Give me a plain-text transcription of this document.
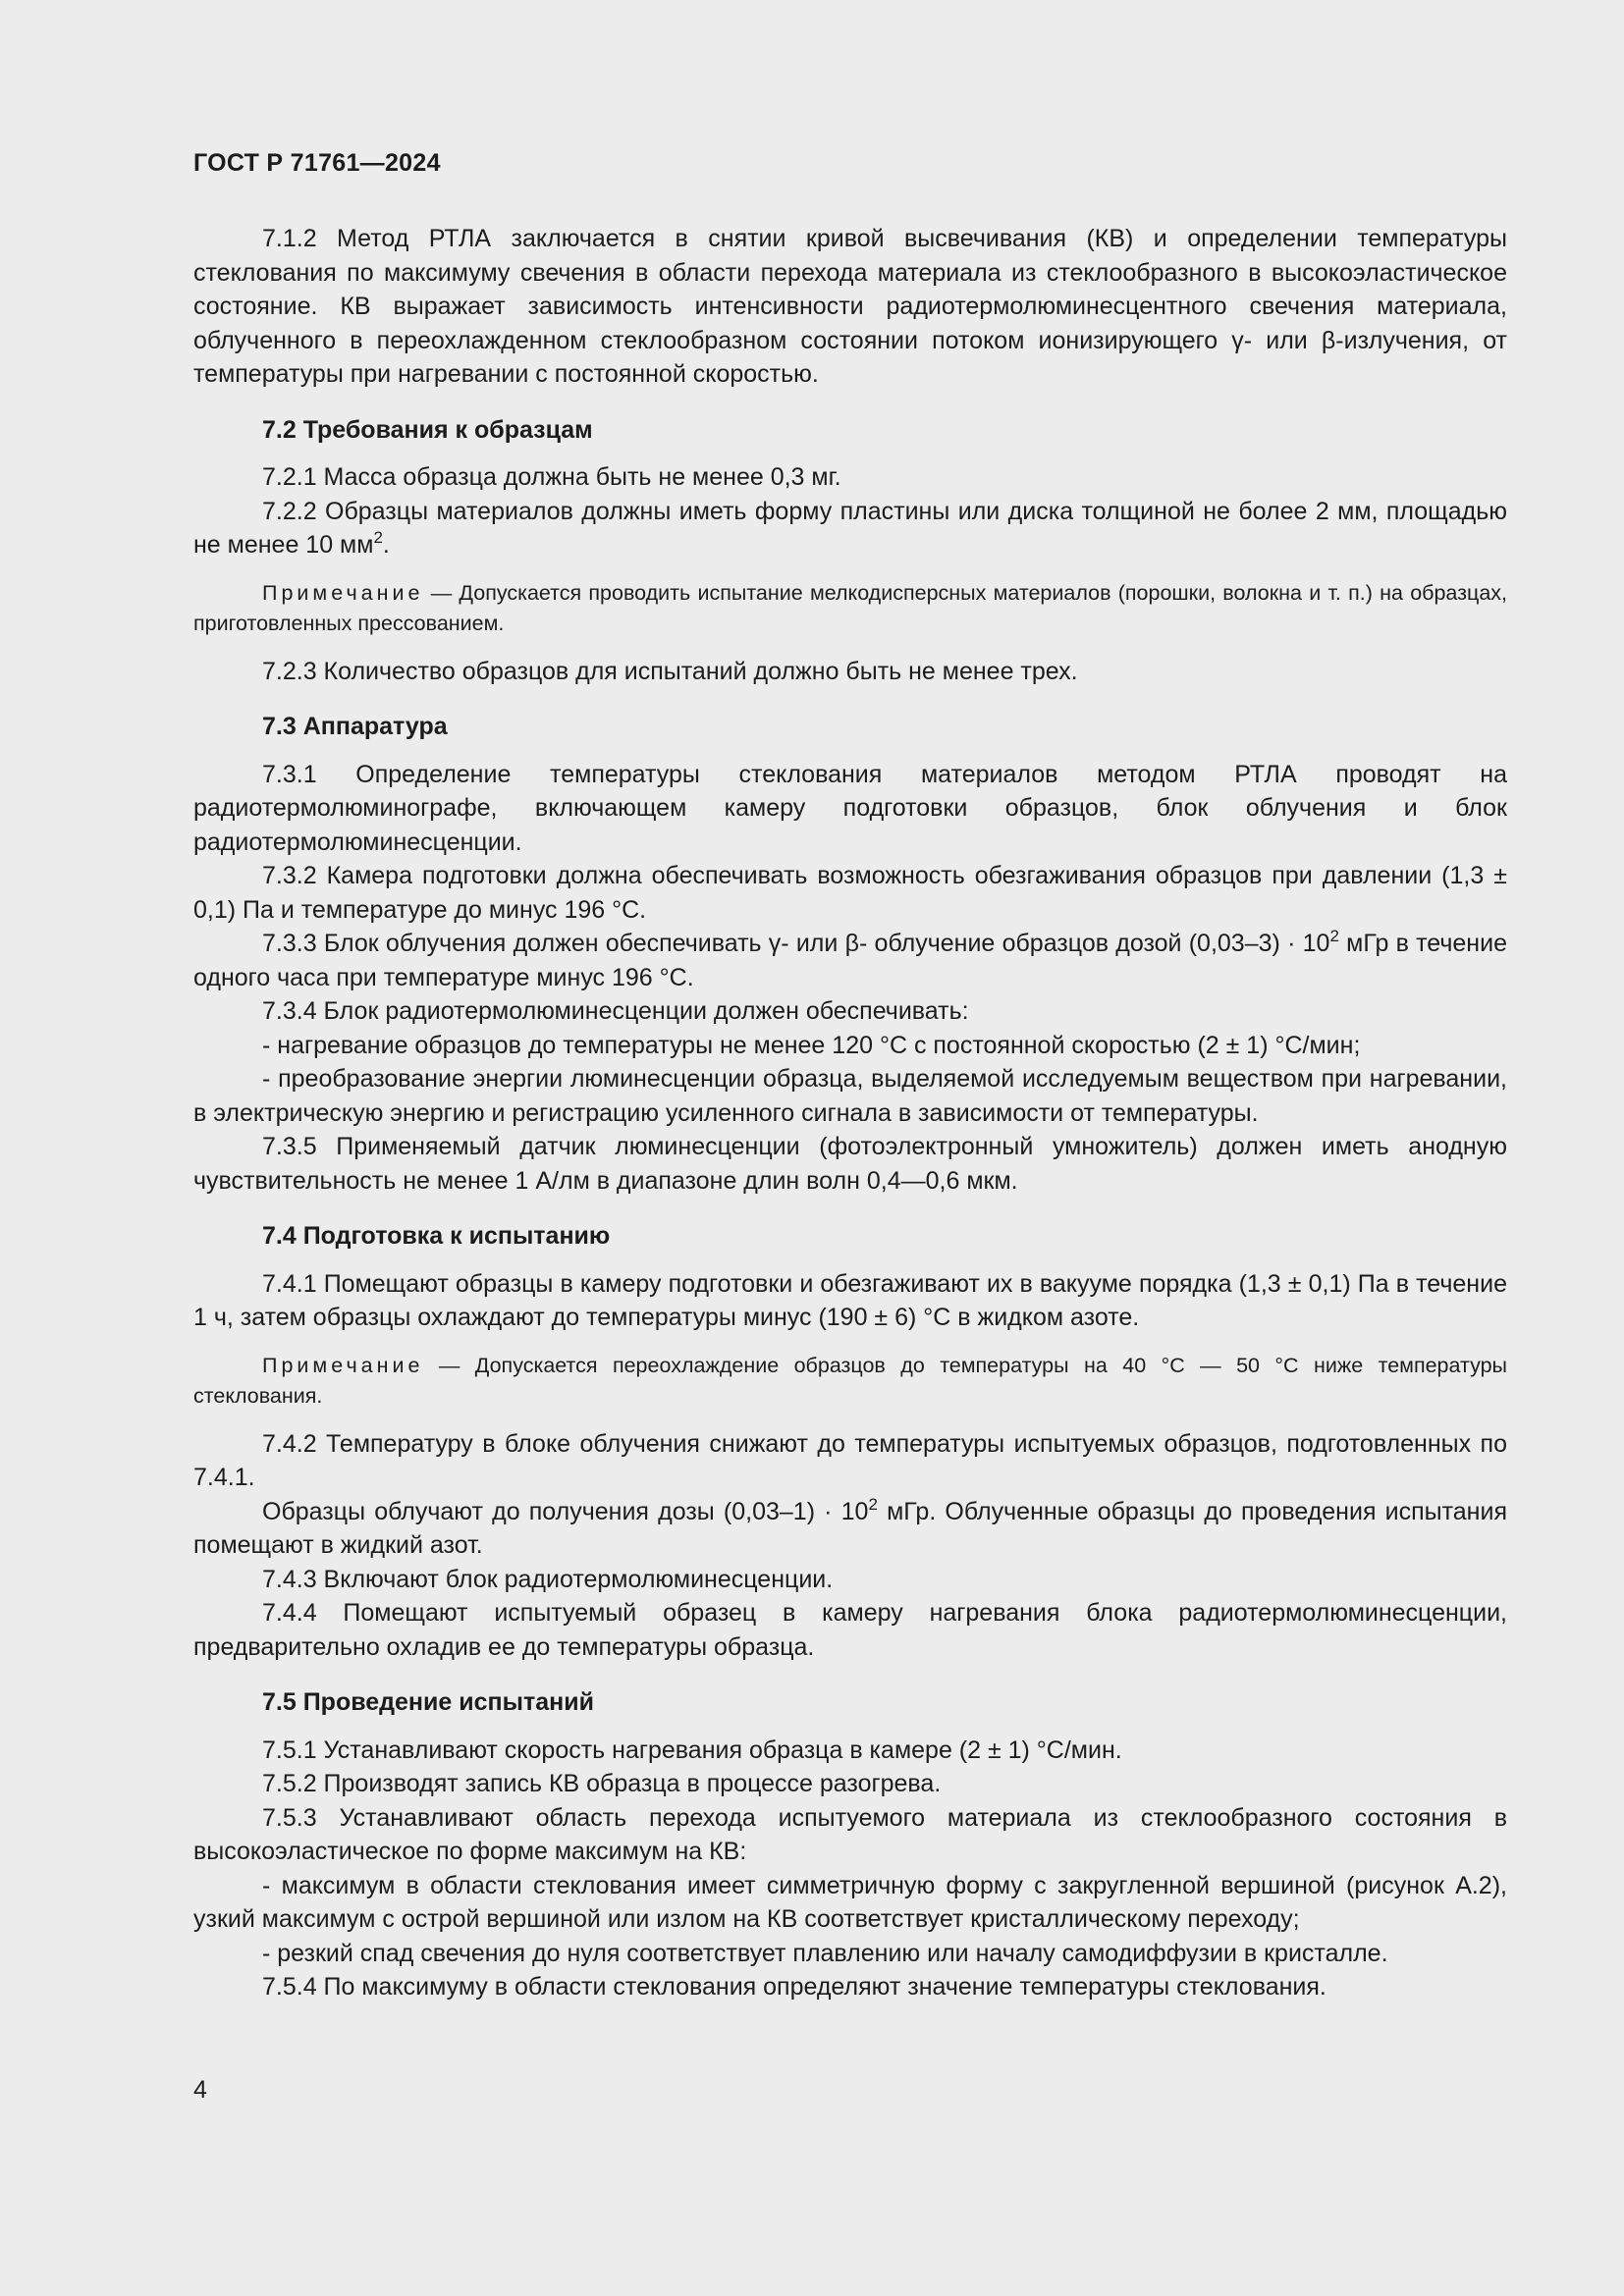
ГОСТ Р 71761—2024

7.1.2 Метод РТЛА заключается в снятии кривой высвечивания (КВ) и определении температуры стеклования по максимуму свечения в области перехода материала из стеклообразного в высокоэластическое состояние. КВ выражает зависимость интенсивности радиотермолюминесцентного свечения материала, облученного в переохлажденном стеклообразном состоянии потоком ионизирующего γ- или β-излучения, от температуры при нагревании с постоянной скоростью.

7.2 Требования к образцам

7.2.1 Масса образца должна быть не менее 0,3 мг.

7.2.2 Образцы материалов должны иметь форму пластины или диска толщиной не более 2 мм, площадью не менее 10 $мм^2$.

Примечание — Допускается проводить испытание мелкодисперсных материалов (порошки, волокна и т. п.) на образцах, приготовленных прессованием.

7.2.3 Количество образцов для испытаний должно быть не менее трех.

7.3 Аппаратура

7.3.1 Определение температуры стеклования материалов методом РТЛА проводят на радиотермолюминографе, включающем камеру подготовки образцов, блок облучения и блок радиотермолюминесценции.

7.3.2 Камера подготовки должна обеспечивать возможность обезгаживания образцов при давлении (1,3 ± 0,1) Па и температуре до минус 196 °С.

7.3.3 Блок облучения должен обеспечивать γ- или β- облучение образцов дозой $(0,03-3) \cdot 10^2$ мГр в течение одного часа при температуре минус 196 °С.

7.3.4 Блок радиотермолюминесценции должен обеспечивать:

- нагревание образцов до температуры не менее 120 °С с постоянной скоростью (2 ± 1) °С/мин;

- преобразование энергии люминесценции образца, выделяемой исследуемым веществом при нагревании, в электрическую энергию и регистрацию усиленного сигнала в зависимости от температуры.

7.3.5 Применяемый датчик люминесценции (фотоэлектронный умножитель) должен иметь анодную чувствительность не менее 1 А/лм в диапазоне длин волн 0,4—0,6 мкм.

7.4 Подготовка к испытанию

7.4.1 Помещают образцы в камеру подготовки и обезгаживают их в вакууме порядка (1,3 ± 0,1) Па в течение 1 ч, затем образцы охлаждают до температуры минус (190 ± 6) °С в жидком азоте.

Примечание — Допускается переохлаждение образцов до температуры на 40 °С — 50 °С ниже температуры стеклования.

7.4.2 Температуру в блоке облучения снижают до температуры испытуемых образцов, подготовленных по 7.4.1.

Образцы облучают до получения дозы $(0,03-1) \cdot 10^2$ мГр. Облученные образцы до проведения испытания помещают в жидкий азот.

7.4.3 Включают блок радиотермолюминесценции.

7.4.4 Помещают испытуемый образец в камеру нагревания блока радиотермолюминесценции, предварительно охладив ее до температуры образца.

7.5 Проведение испытаний

7.5.1 Устанавливают скорость нагревания образца в камере (2 ± 1) °С/мин.

7.5.2 Производят запись КВ образца в процессе разогрева.

7.5.3 Устанавливают область перехода испытуемого материала из стеклообразного состояния в высокоэластическое по форме максимум на КВ:

- максимум в области стеклования имеет симметричную форму с закругленной вершиной (рисунок А.2), узкий максимум с острой вершиной или излом на КВ соответствует кристаллическому переходу;

- резкий спад свечения до нуля соответствует плавлению или началу самодиффузии в кристалле.

7.5.4 По максимуму в области стеклования определяют значение температуры стеклования.

4
